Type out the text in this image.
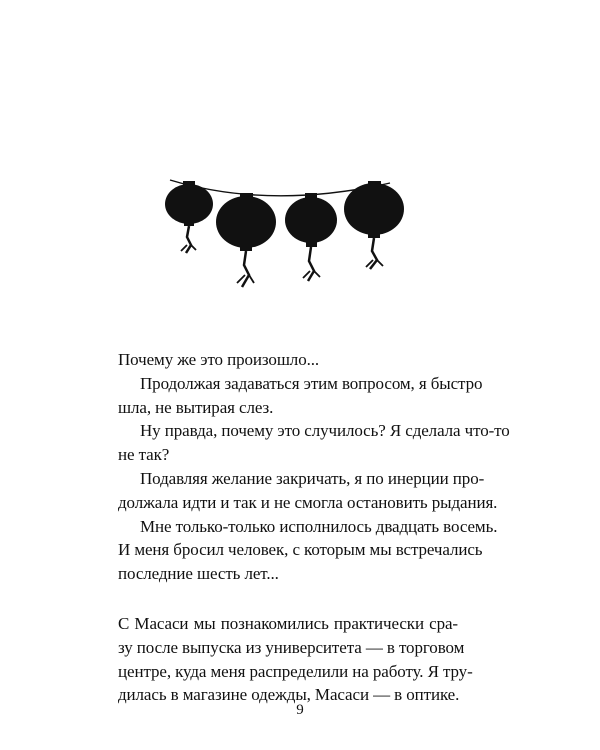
Почему же это произошло...

Продолжая задаваться этим вопросом, я быстро
шла, не вытирая слез.

Ну правда, почему это случилось? Я сделала что-то
не так?

Подавляя желание закричать, я по инерции про-
должала идти и так и не смогла остановить рыдания.

Мне только-только исполнилось двадцать восемь.
И меня бросил человек, с которым мы встречались
последние шесть лет...

С Масаси мы познакомились практически сра-
зу после выпуска из университета — в торговом
центре, куда меня распределили на работу. Я тру-
дилась в магазине одежды, Масаси — в оптике.

9
